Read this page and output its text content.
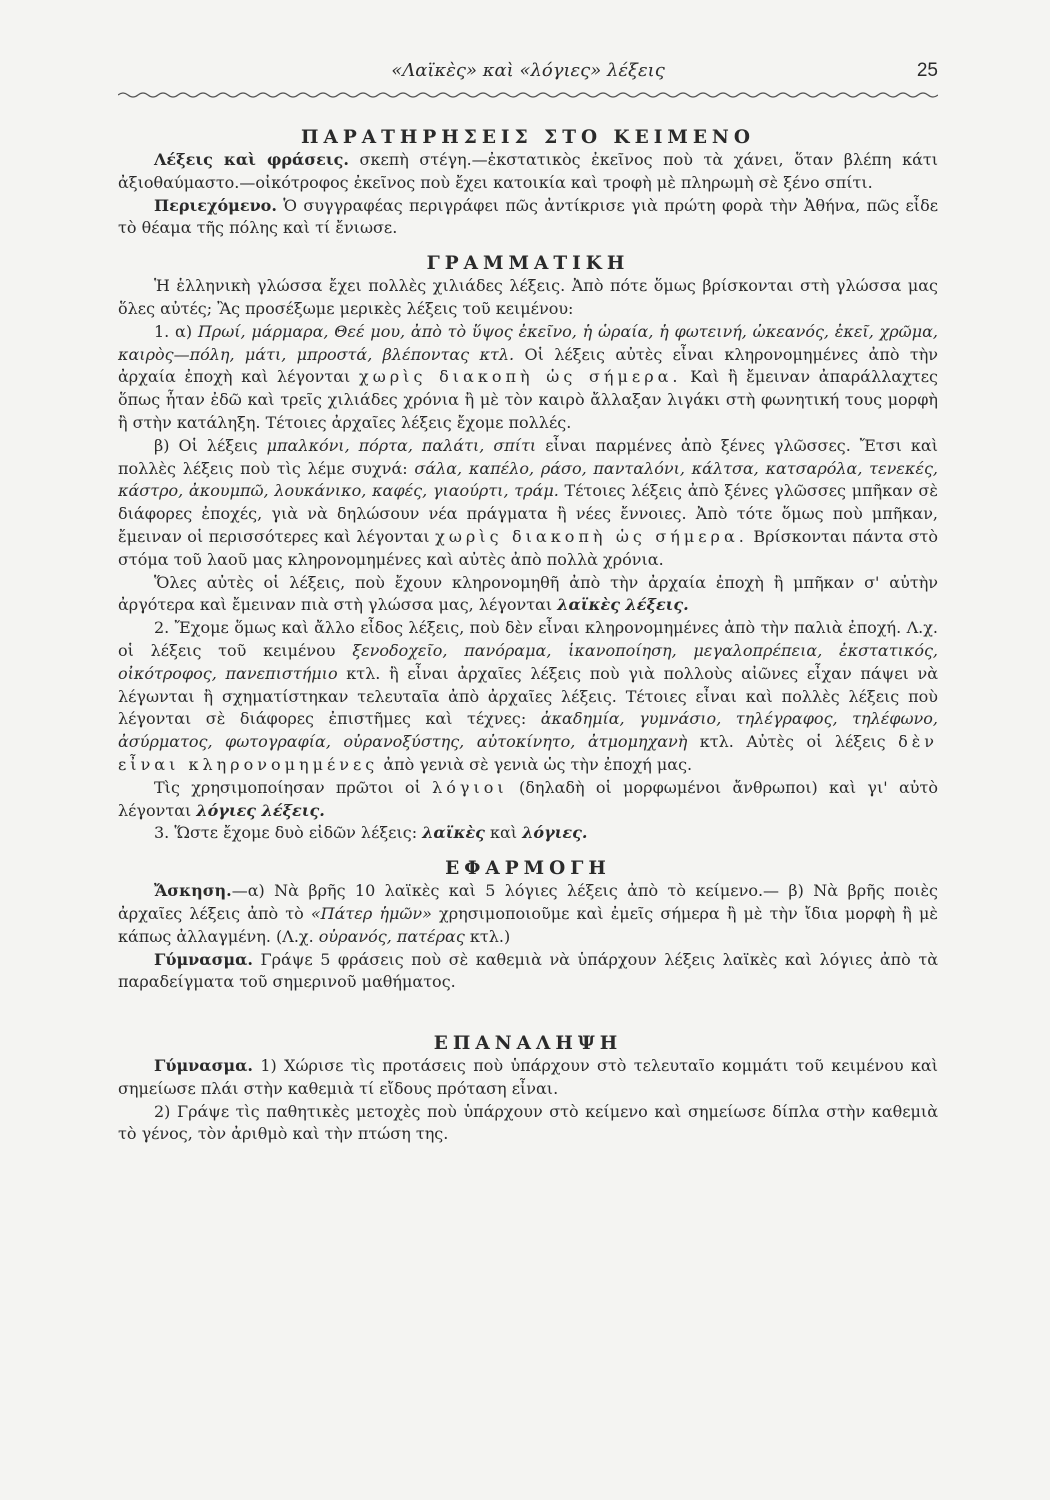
«Λαϊκὲς» καὶ «λόγιες» λέξεις	25
ΠΑΡΑΤΗΡΗΣΕΙΣ ΣΤΟ ΚΕΙΜΕΝΟ

Λέξεις καὶ φράσεις. σκεπὴ στέγη.—ἐκστατικὸς ἐκεῖνος ποὺ τὰ χάνει, ὅταν βλέπη κάτι ἀξιοθαύμαστο.—οἰκότροφος ἐκεῖνος ποὺ ἔχει κατοικία καὶ τροφὴ μὲ πληρωμὴ σὲ ξένο σπίτι.

Περιεχόμενο. Ὁ συγγραφέας περιγράφει πῶς ἀντίκρισε γιὰ πρώτη φορὰ τὴν Ἀθήνα, πῶς εἶδε τὸ θέαμα τῆς πόλης καὶ τί ἔνιωσε.

ΓΡΑΜΜΑΤΙΚΗ

Ἡ ἑλληνικὴ γλώσσα ἔχει πολλὲς χιλιάδες λέξεις. Ἀπὸ πότε ὅμως βρίσκονται στὴ γλώσσα μας ὅλες αὐτές; Ἂς προσέξωμε μερικὲς λέξεις τοῦ κειμένου:

1. α) Πρωί, μάρμαρα, Θεέ μου, ἀπὸ τὸ ὕψος ἐκεῖνο, ἡ ὡραία, ἡ φωτεινή, ὠκεανός, ἐκεῖ, χρῶμα, καιρὸς—πόλη, μάτι, μπροστά, βλέποντας κτλ. Οἱ λέξεις αὐτὲς εἶναι κληρονομημένες ἀπὸ τὴν ἀρχαία ἐποχὴ καὶ λέγονται χωρὶς διακοπὴ ὡς σήμερα. Καὶ ἢ ἔμειναν ἀπαράλλαχτες ὅπως ἦταν ἐδῶ καὶ τρεῖς χιλιάδες χρόνια ἢ μὲ τὸν καιρὸ ἄλλαξαν λιγάκι στὴ φωνητική τους μορφὴ ἢ στὴν κατάληξη. Τέτοιες ἀρχαῖες λέξεις ἔχομε πολλές.

β) Οἱ λέξεις μπαλκόνι, πόρτα, παλάτι, σπίτι εἶναι παρμένες ἀπὸ ξένες γλῶσσες. Ἔτσι καὶ πολλὲς λέξεις ποὺ τὶς λέμε συχνά: σάλα, καπέλο, ράσο, πανταλόνι, κάλτσα, κατσαρόλα, τενεκές, κάστρο, ἀκουμπῶ, λουκάνικο, καφές, γιαούρτι, τράμ. Τέτοιες λέξεις ἀπὸ ξένες γλῶσσες μπῆκαν σὲ διάφορες ἐποχές, γιὰ νὰ δηλώσουν νέα πράγματα ἢ νέες ἔννοιες. Ἀπὸ τότε ὅμως ποὺ μπῆκαν, ἔμειναν οἱ περισσότερες καὶ λέγονται χωρὶς διακοπὴ ὡς σήμερα. Βρίσκονται πάντα στὸ στόμα τοῦ λαοῦ μας κληρονομημένες καὶ αὐτὲς ἀπὸ πολλὰ χρόνια.

Ὅλες αὐτὲς οἱ λέξεις, ποὺ ἔχουν κληρονομηθῆ ἀπὸ τὴν ἀρχαία ἐποχὴ ἢ μπῆκαν σ' αὐτὴν ἀργότερα καὶ ἔμειναν πιὰ στὴ γλώσσα μας, λέγονται λαϊκὲς λέξεις.

2. Ἔχομε ὅμως καὶ ἄλλο εἶδος λέξεις, ποὺ δὲν εἶναι κληρονομημένες ἀπὸ τὴν παλιὰ ἐποχή. Λ.χ. οἱ λέξεις τοῦ κειμένου ξενοδοχεῖο, πανόραμα, ἱκανοποίηση, μεγαλοπρέπεια, ἐκστατικός, οἰκότροφος, πανεπιστήμιο κτλ. ἢ εἶναι ἀρχαῖες λέξεις ποὺ γιὰ πολλοὺς αἰῶνες εἶχαν πάψει νὰ λέγωνται ἢ σχηματίστηκαν τελευταῖα ἀπὸ ἀρχαῖες λέξεις. Τέτοιες εἶναι καὶ πολλὲς λέξεις ποὺ λέγονται σὲ διάφορες ἐπιστῆμες καὶ τέχνες: ἀκαδημία, γυμνάσιο, τηλέγραφος, τηλέφωνο, ἀσύρματος, φωτογραφία, οὐρανοξύστης, αὐτοκίνητο, ἀτμομηχανὴ κτλ. Αὐτὲς οἱ λέξεις δὲν εἶναι κληρονομημένες ἀπὸ γενιὰ σὲ γενιὰ ὡς τὴν ἐποχή μας.

Τὶς χρησιμοποίησαν πρῶτοι οἱ λόγιοι (δηλαδὴ οἱ μορφωμένοι ἄνθρωποι) καὶ γι' αὐτὸ λέγονται λόγιες λέξεις.

3. Ὥστε ἔχομε δυὸ εἰδῶν λέξεις: λαϊκὲς καὶ λόγιες.

ΕΦΑΡΜΟΓΗ

Ἄσκηση.—α) Νὰ βρῆς 10 λαϊκὲς καὶ 5 λόγιες λέξεις ἀπὸ τὸ κείμενο.— β) Νὰ βρῆς ποιὲς ἀρχαῖες λέξεις ἀπὸ τὸ «Πάτερ ἡμῶν» χρησιμοποιοῦμε καὶ ἐμεῖς σήμερα ἢ μὲ τὴν ἴδια μορφὴ ἢ μὲ κάπως ἀλλαγμένη. (Λ.χ. οὐρανός, πατέρας κτλ.)

Γύμνασμα. Γράψε 5 φράσεις ποὺ σὲ καθεμιὰ νὰ ὑπάρχουν λέξεις λαϊκὲς καὶ λόγιες ἀπὸ τὰ παραδείγματα τοῦ σημερινοῦ μαθήματος.

ΕΠΑΝΑΛΗΨΗ

Γύμνασμα. 1) Χώρισε τὶς προτάσεις ποὺ ὑπάρχουν στὸ τελευταῖο κομμάτι τοῦ κειμένου καὶ σημείωσε πλάι στὴν καθεμιὰ τί εἴδους πρόταση εἶναι.

2) Γράψε τὶς παθητικὲς μετοχὲς ποὺ ὑπάρχουν στὸ κείμενο καὶ σημείωσε δίπλα στὴν καθεμιὰ τὸ γένος, τὸν ἀριθμὸ καὶ τὴν πτώση της.
